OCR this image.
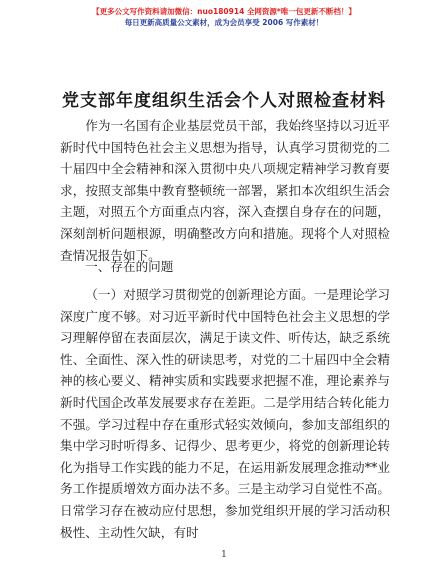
【更多公文写作资料请加微信：nuo180914 全网资源*唯一包更新不断档！】
每日更新高质量公文素材，成为会员享受 2006 写作素材！
党支部年度组织生活会个人对照检查材料

作为一名国有企业基层党员干部，我始终坚持以习近平新时代中国特色社会主义思想为指导，认真学习贯彻党的二十届四中全会精神和深入贯彻中央八项规定精神学习教育要求，按照支部集中教育整顿统一部署，紧扣本次组织生活会主题，对照五个方面重点内容，深入查摆自身存在的问题，深刻剖析问题根源，明确整改方向和措施。现将个人对照检查情况报告如下。

一、存在的问题

（一）对照学习贯彻党的创新理论方面。一是理论学习深度广度不够。对习近平新时代中国特色社会主义思想的学习理解停留在表面层次，满足于读文件、听传达，缺乏系统性、全面性、深入性的研读思考，对党的二十届四中全会精神的核心要义、精神实质和实践要求把握不准，理论素养与新时代国企改革发展要求存在差距。二是学用结合转化能力不强。学习过程中存在重形式轻实效倾向，参加支部组织的集中学习时听得多、记得少、思考更少，将党的创新理论转化为指导工作实践的能力不足，在运用新发展理念推动**业务工作提质增效方面办法不多。三是主动学习自觉性不高。日常学习存在被动应付思想，参加党组织开展的学习活动积极性、主动性欠缺，有时

1
